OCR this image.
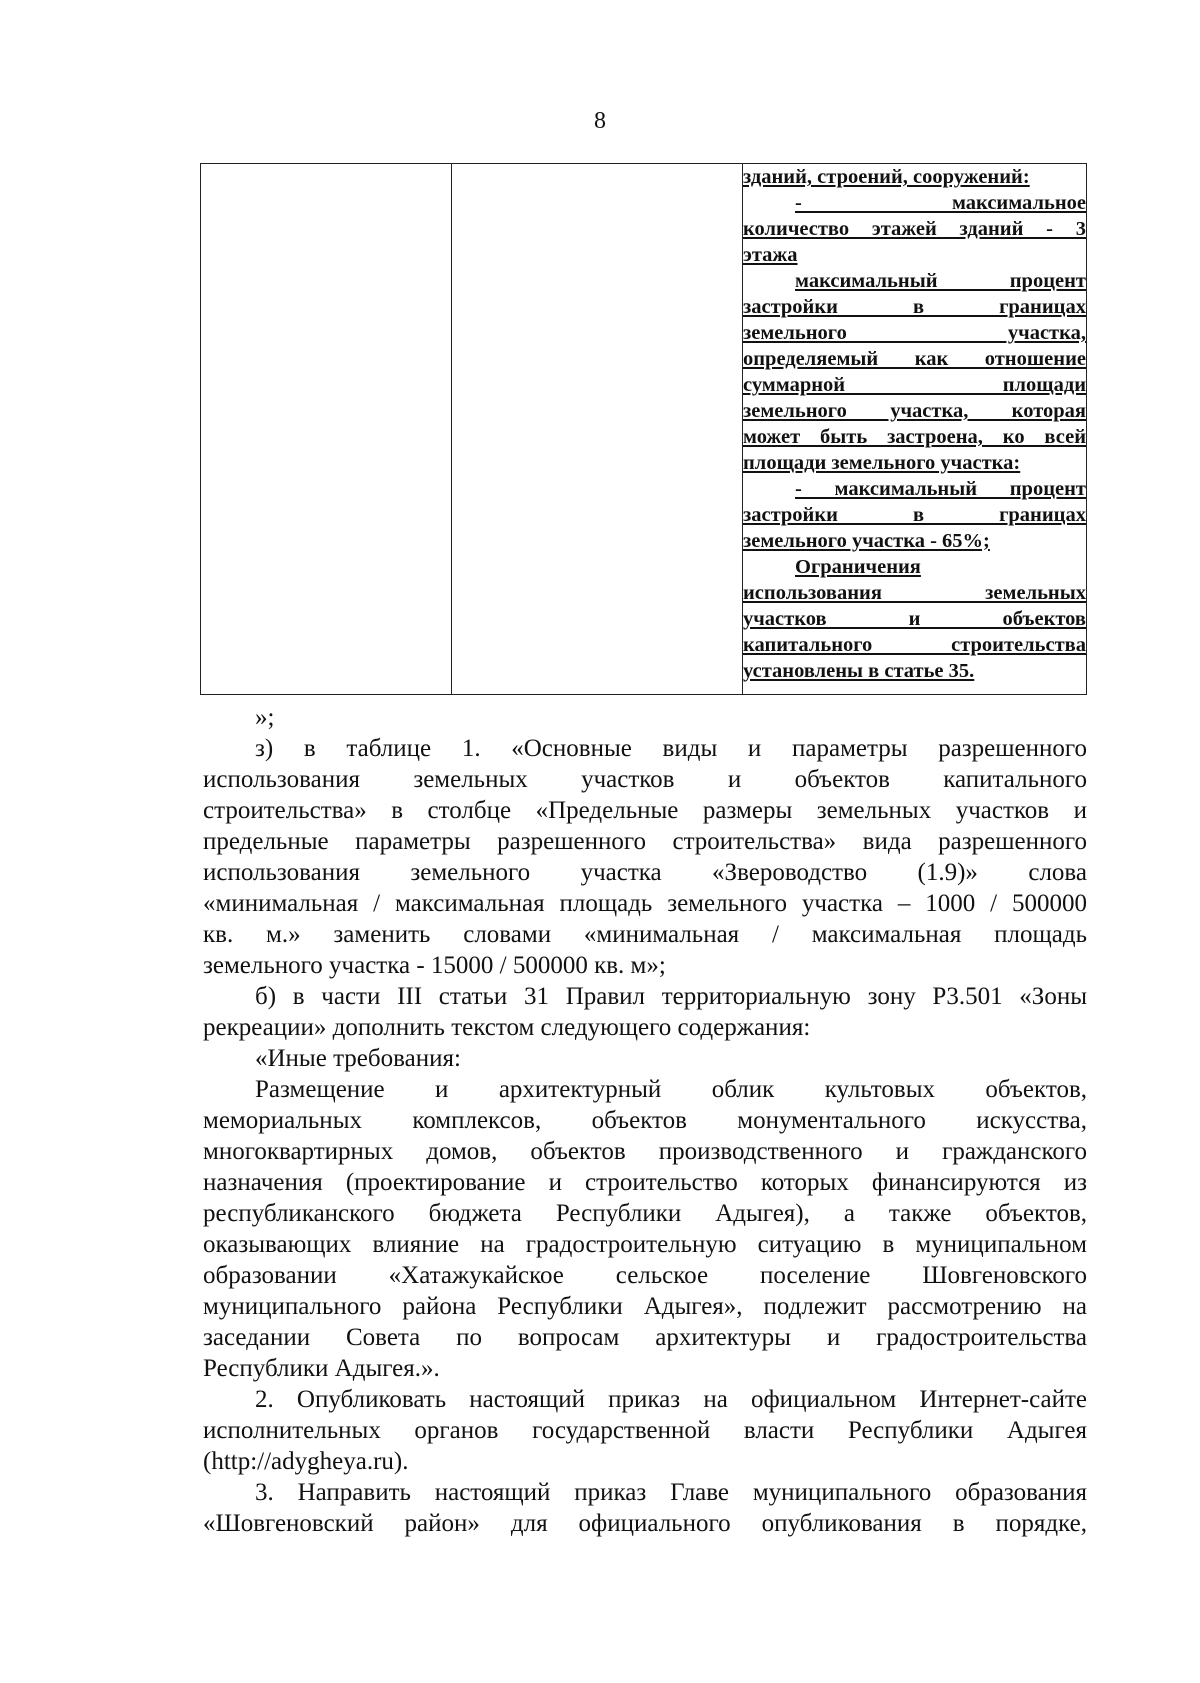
8

зданий, строений, сооружений:
- максимальное
количество этажей зданий - 3
этажа
максимальный процент
застройки в границах
земельного участка,
определяемый как отношение
суммарной площади
земельного участка, которая
может быть застроена, ко всей
площади земельного участка:
- максимальный процент
застройки в границах
земельного участка - 65%;
Ограничения
использования земельных
участков и объектов
капитального строительства
установлены в статье 35.
»;
з) в таблице 1. «Основные виды и параметры разрешенного
использования земельных участков и объектов капитального
строительства» в столбце «Предельные размеры земельных участков и
предельные параметры разрешенного строительства» вида разрешенного
использования земельного участка «Звероводство (1.9)» слова
«минимальная / максимальная площадь земельного участка – 1000 / 500000
кв. м.» заменить словами «минимальная / максимальная площадь
земельного участка - 15000 / 500000 кв. м»;
б) в части III статьи 31 Правил территориальную зону Р3.501 «Зоны
рекреации» дополнить текстом следующего содержания:
«Иные требования:
Размещение и архитектурный облик культовых объектов,
мемориальных комплексов, объектов монументального искусства,
многоквартирных домов, объектов производственного и гражданского
назначения (проектирование и строительство которых финансируются из
республиканского бюджета Республики Адыгея), а также объектов,
оказывающих влияние на градостроительную ситуацию в муниципальном
образовании «Хатажукайское сельское поселение Шовгеновского
муниципального района Республики Адыгея», подлежит рассмотрению на
заседании Совета по вопросам архитектуры и градостроительства
Республики Адыгея.».
2. Опубликовать настоящий приказ на официальном Интернет-сайте
исполнительных органов государственной власти Республики Адыгея
(http://adygheya.ru).
3. Направить настоящий приказ Главе муниципального образования
«Шовгеновский район» для официального опубликования в порядке,
